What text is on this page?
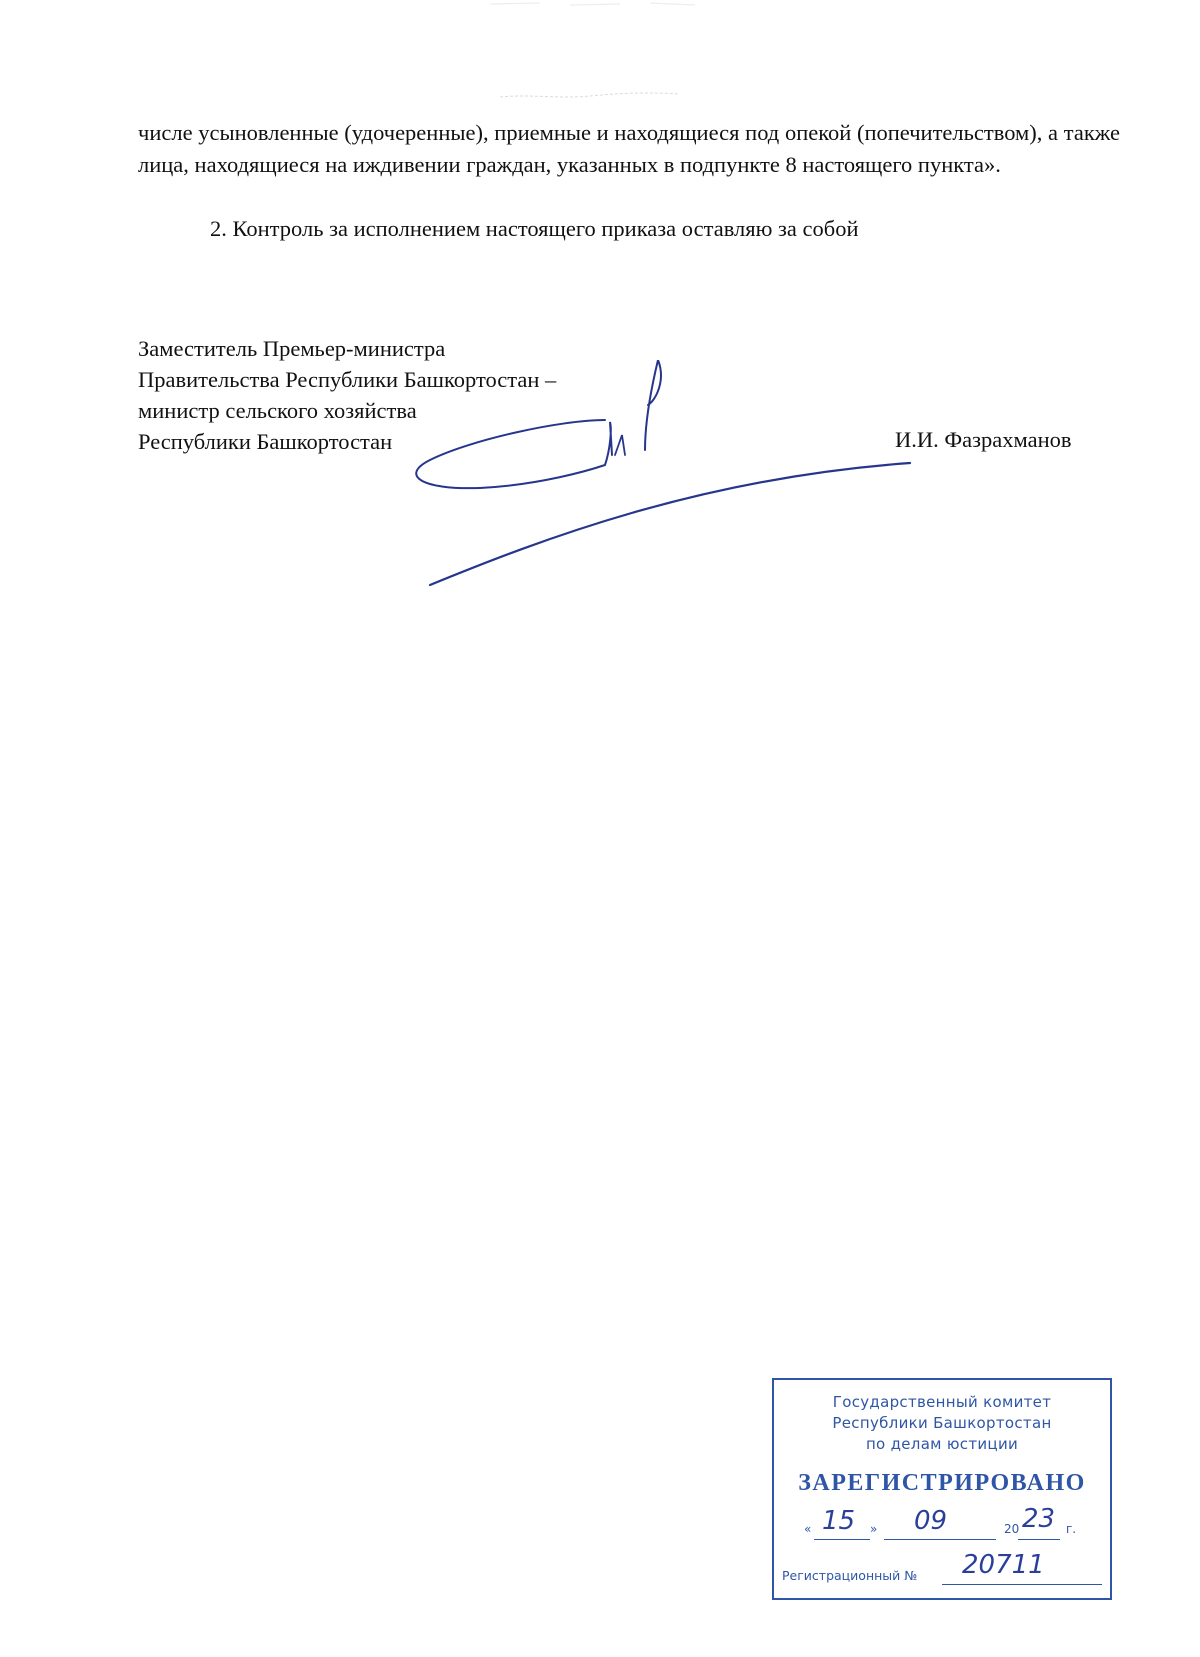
числе усыновленные (удочеренные), приемные и находящиеся под опекой (попечительством), а также лица, находящиеся на иждивении граждан, указанных в подпункте 8 настоящего пункта».

2. Контроль за исполнением настоящего приказа оставляю за собой

Заместитель Премьер-министра
Правительства Республики Башкортостан –
министр сельского хозяйства
Республики Башкортостан	И.И. Фазрахманов
Государственный комитет
Республики Башкортостан
по делам юстиции
ЗАРЕГИСТРИРОВАНО
« 15 » 09	20 23 г.
Регистрационный № 20711
